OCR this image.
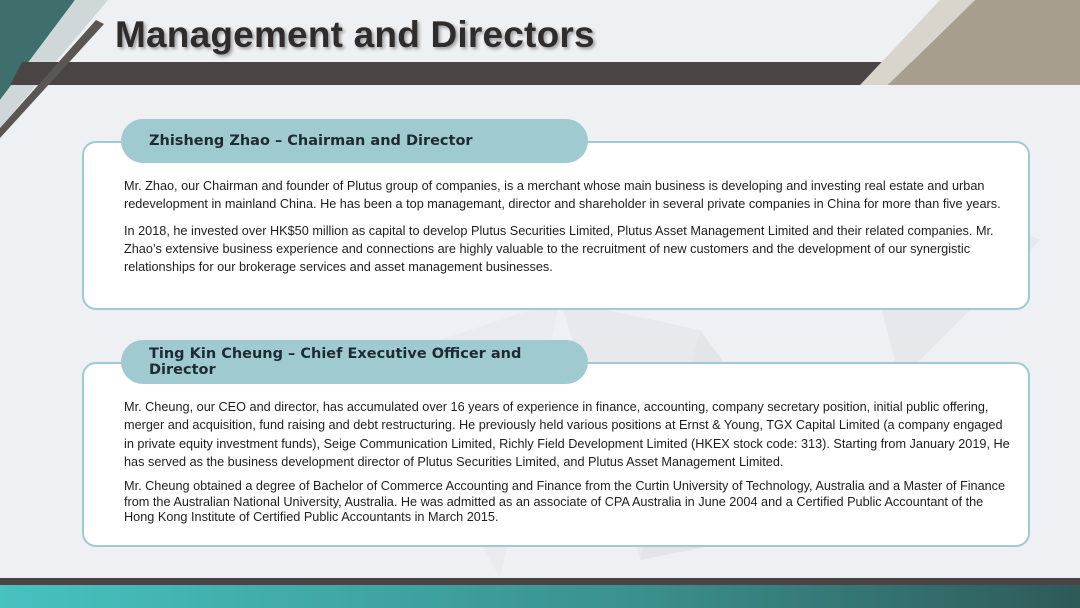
Management and Directors

Mr. Zhao, our Chairman and founder of Plutus group of companies, is a merchant whose main business is developing and investing real estate and urban redevelopment in mainland China. He has been a top managemant, director and shareholder in several private companies in China for more than five years.

In 2018, he invested over HK$50 million as capital to develop Plutus Securities Limited, Plutus Asset Management Limited and their related companies. Mr. Zhao’s extensive business experience and connections are highly valuable to the recruitment of new customers and the development of our synergistic relationships for our brokerage services and asset management businesses.

Zhisheng Zhao – Chairman and Director

Mr. Cheung, our CEO and director, has accumulated over 16 years of experience in finance, accounting, company secretary position, initial public offering, merger and acquisition, fund raising and debt restructuring. He previously held various positions at Ernst & Young, TGX Capital Limited (a company engaged in private equity investment funds), Seige Communication Limited, Richly Field Development Limited (HKEX stock code: 313). Starting from January 2019, He has served as the business development director of Plutus Securities Limited, and Plutus Asset Management Limited.

Mr. Cheung obtained a degree of Bachelor of Commerce Accounting and Finance from the Curtin University of Technology, Australia and a Master of Finance from the Australian National University, Australia. He was admitted as an associate of CPA Australia in June 2004 and a Certified Public Accountant of the Hong Kong Institute of Certified Public Accountants in March 2015.

Ting Kin Cheung – Chief Executive Officer and Director
